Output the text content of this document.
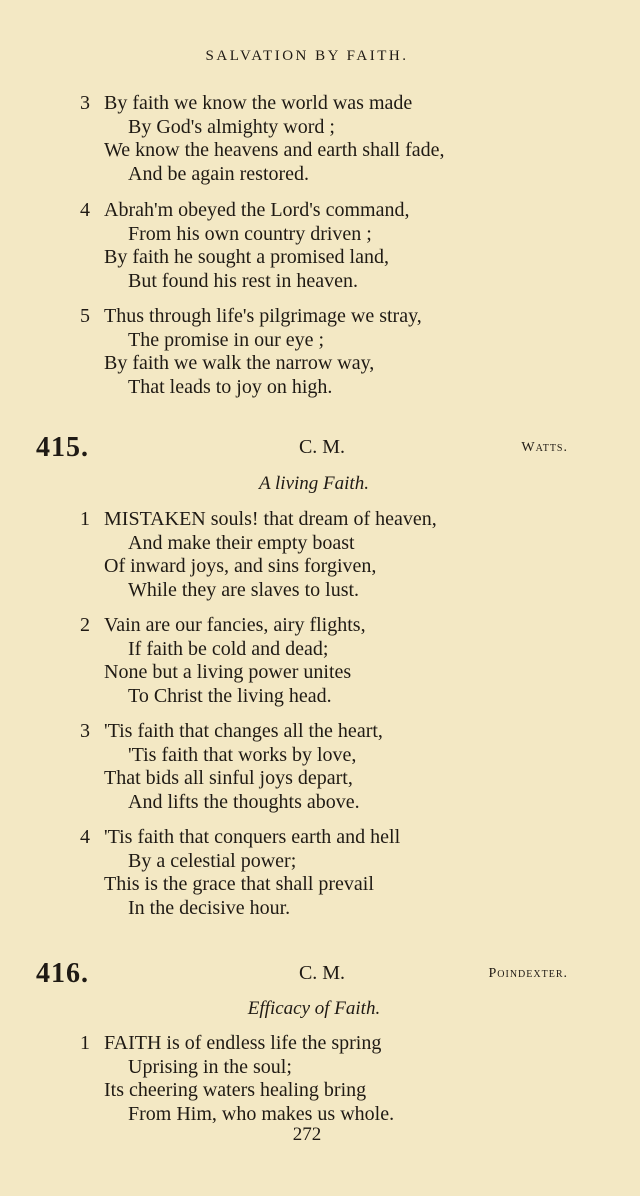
SALVATION BY FAITH.
3 By faith we know the world was made
By God's almighty word ;
We know the heavens and earth shall fade,
And be again restored.
4 Abrah'm obeyed the Lord's command,
From his own country driven ;
By faith he sought a promised land,
But found his rest in heaven.
5 Thus through life's pilgrimage we stray,
The promise in our eye ;
By faith we walk the narrow way,
That leads to joy on high.
415.	C. M.	Watts.
A living Faith.
1 MISTAKEN souls! that dream of heaven,
And make their empty boast
Of inward joys, and sins forgiven,
While they are slaves to lust.
2 Vain are our fancies, airy flights,
If faith be cold and dead;
None but a living power unites
To Christ the living head.
3 'Tis faith that changes all the heart,
'Tis faith that works by love,
That bids all sinful joys depart,
And lifts the thoughts above.
4 'Tis faith that conquers earth and hell
By a celestial power;
This is the grace that shall prevail
In the decisive hour.
416.	C. M.	Poindexter.
Efficacy of Faith.
1 FAITH is of endless life the spring
Uprising in the soul;
Its cheering waters healing bring
From Him, who makes us whole.
272
